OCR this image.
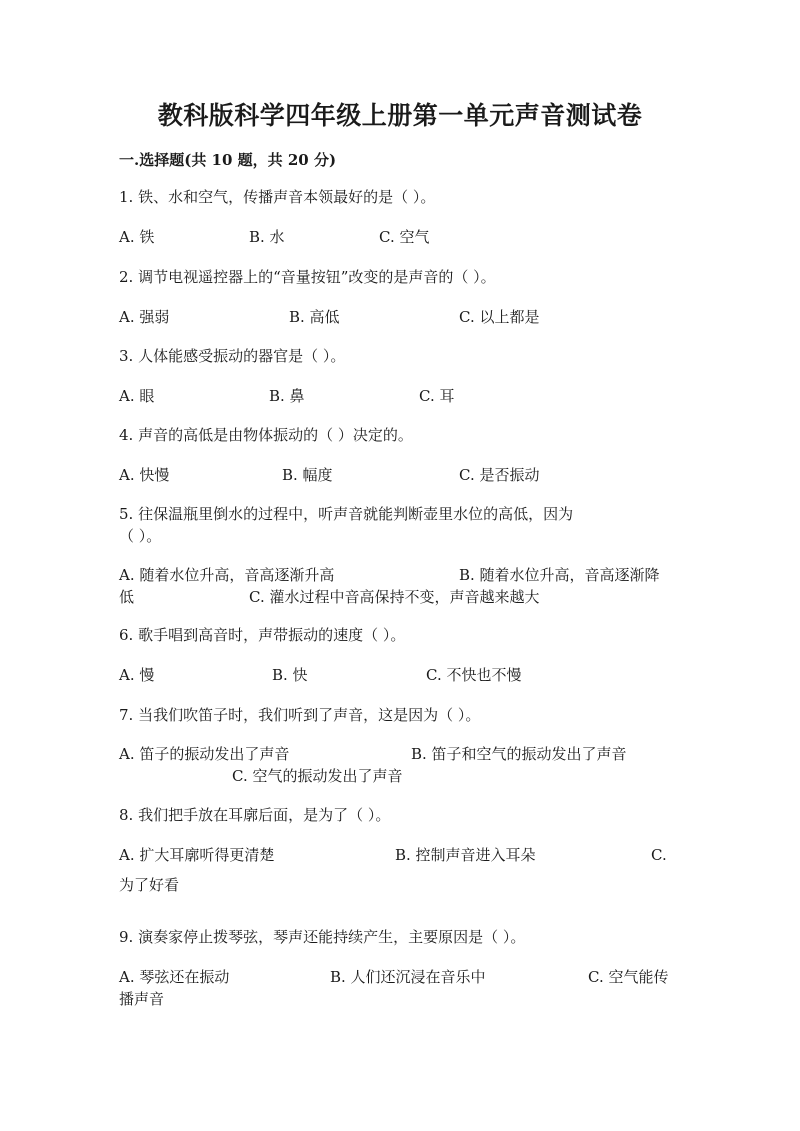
教科版科学四年级上册第一单元声音测试卷
一.选择题(共 10 题，共 20 分)
1. 铁、水和空气，传播声音本领最好的是（ ）。
A. 铁	B. 水	C. 空气
2. 调节电视遥控器上的“音量按钮”改变的是声音的（ ）。
A. 强弱	B. 高低	C. 以上都是
3. 人体能感受振动的器官是（ ）。
A. 眼	B. 鼻	C. 耳
4. 声音的高低是由物体振动的（ ）决定的。
A. 快慢	B. 幅度	C. 是否振动
5. 往保温瓶里倒水的过程中，听声音就能判断壶里水位的高低，因为
（ ）。
A. 随着水位升高，音高逐渐升高	B. 随着水位升高，音高逐渐降
低	C. 灌水过程中音高保持不变，声音越来越大
6. 歌手唱到高音时，声带振动的速度（ ）。
A. 慢	B. 快	C. 不快也不慢
7. 当我们吹笛子时，我们听到了声音，这是因为（ ）。
A. 笛子的振动发出了声音	B. 笛子和空气的振动发出了声音
C. 空气的振动发出了声音
8. 我们把手放在耳廓后面，是为了（ ）。
A. 扩大耳廓听得更清楚	B. 控制声音进入耳朵	C.
为了好看
9. 演奏家停止拨琴弦，琴声还能持续产生，主要原因是（ ）。
A. 琴弦还在振动	B. 人们还沉浸在音乐中	C. 空气能传
播声音
